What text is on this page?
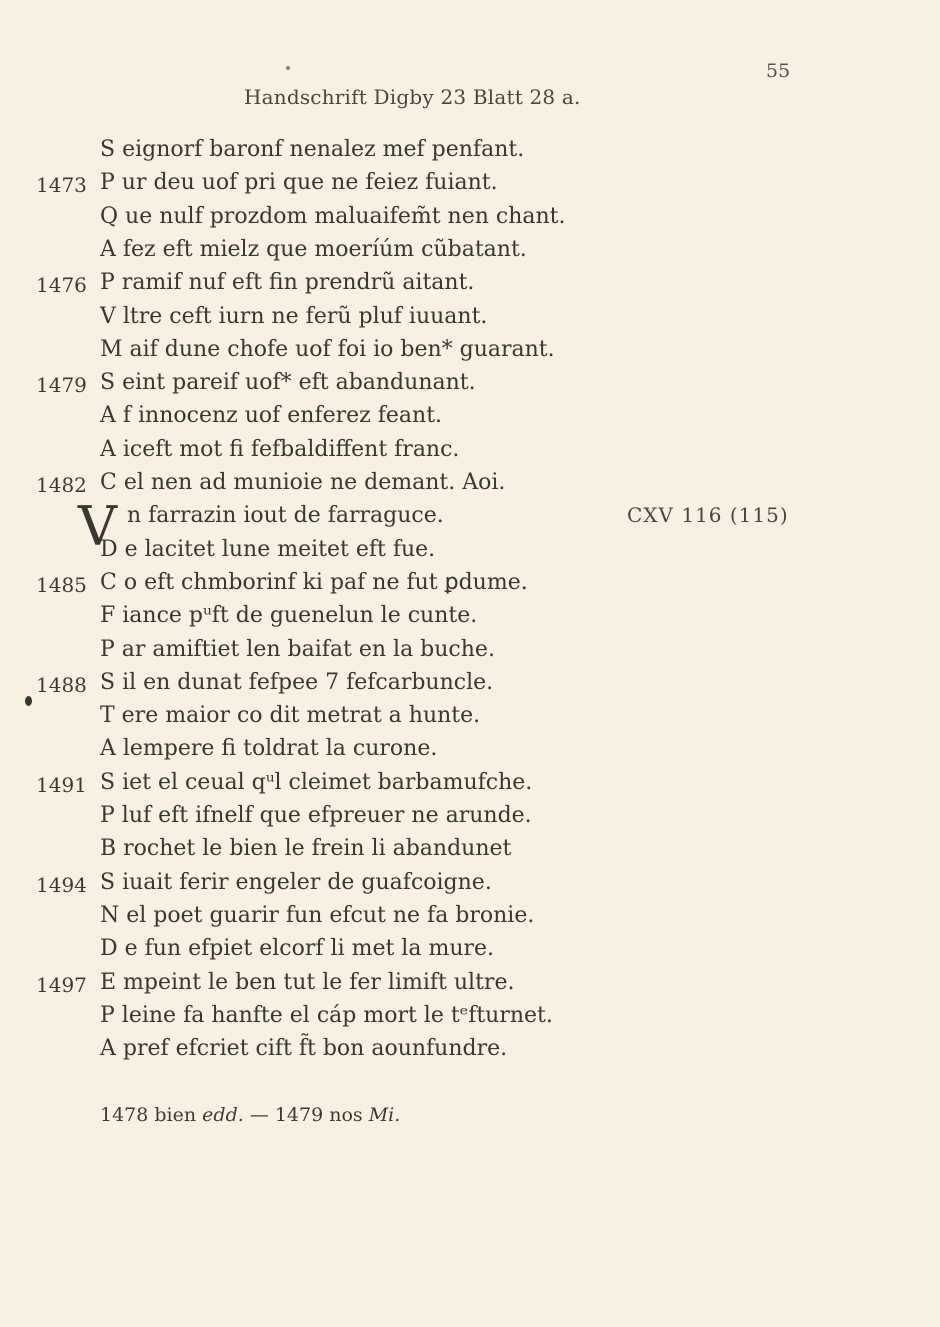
55
Handschrift Digby 23 Blatt 28 a.
S eignorf baronf nenalez mef penfant.
1473 P ur deu uof pri que ne feiez fuiant.
Q ue nulf prozdom maluaifem̃t nen chant.
A fez eft mielz que moeríúm cũbatant.
1476 P ramif nuf eft fin prendrũ aitant.
V ltre ceft iurn ne ferũ pluf iuuant.
M aif dune chofe uof foi io ben* guarant.
1479 S eint pareif uof* eft abandunant.
A f innocenz uof enferez feant.
A iceft mot fi fefbaldiffent franc.
1482 C el nen ad munioie ne demant. Aoi.
n farrazin iout de farraguce.
D e lacitet lune meitet eft fue.
1485 C o eft chmborinf ki paf ne fut ꝑdume.
F iance pᵘft de guenelun le cunte.
P ar amiftiet len baifat en la buche.
1488 S il en dunat fefpee 7 fefcarbuncle.
T ere maior co dit metrat a hunte.
A lempere fi toldrat la curone.
1491 S iet el ceual qᵘl cleimet barbamufche.
P luf eft ifnelf que efpreuer ne arunde.
B rochet le bien le frein li abandunet
1494 S iuait ferir engeler de guafcoigne.
N el poet guarir fun efcut ne fa bronie.
D e fun efpiet elcorf li met la mure.
1497 E mpeint le ben tut le fer limift ultre.
P leine fa hanfte el cáp mort le tᵉfturnet.
A pref efcriet cift f̃t bon aounfundre.
V	CXV 116 (115)
1478 bien edd. — 1479 nos Mi.
